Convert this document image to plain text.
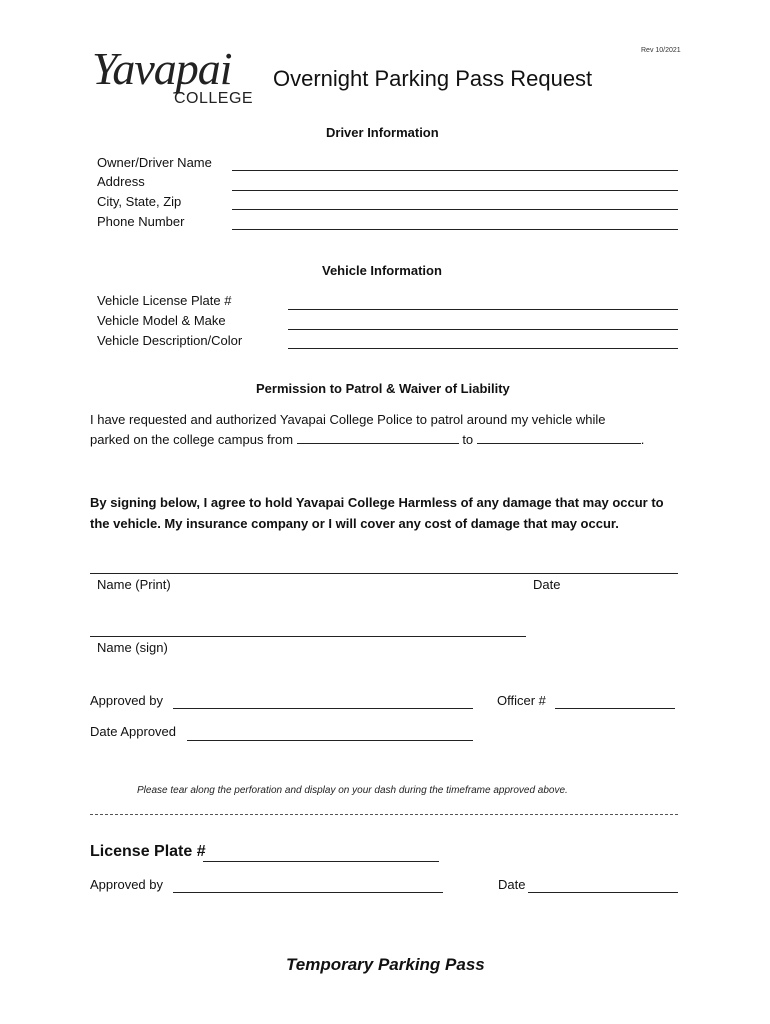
Rev 10/2021
Yavapai
COLLEGE
Overnight Parking Pass Request
Driver Information
Owner/Driver Name
Address
City, State, Zip
Phone Number
Vehicle Information
Vehicle License Plate #
Vehicle Model & Make
Vehicle Description/Color
Permission to Patrol & Waiver of Liability
I have requested and authorized Yavapai College Police to patrol around my vehicle while
parked on the college campus from	to	.
By signing below, I agree to hold Yavapai College Harmless of any damage that may occur to
the vehicle. My insurance company or I will cover any cost of damage that may occur.
Name (Print)	Date
Name (sign)
Approved by	Officer #
Date Approved
Please tear along the perforation and display on your dash during the timeframe approved above.
License Plate #
Approved by	Date
Temporary Parking Pass
